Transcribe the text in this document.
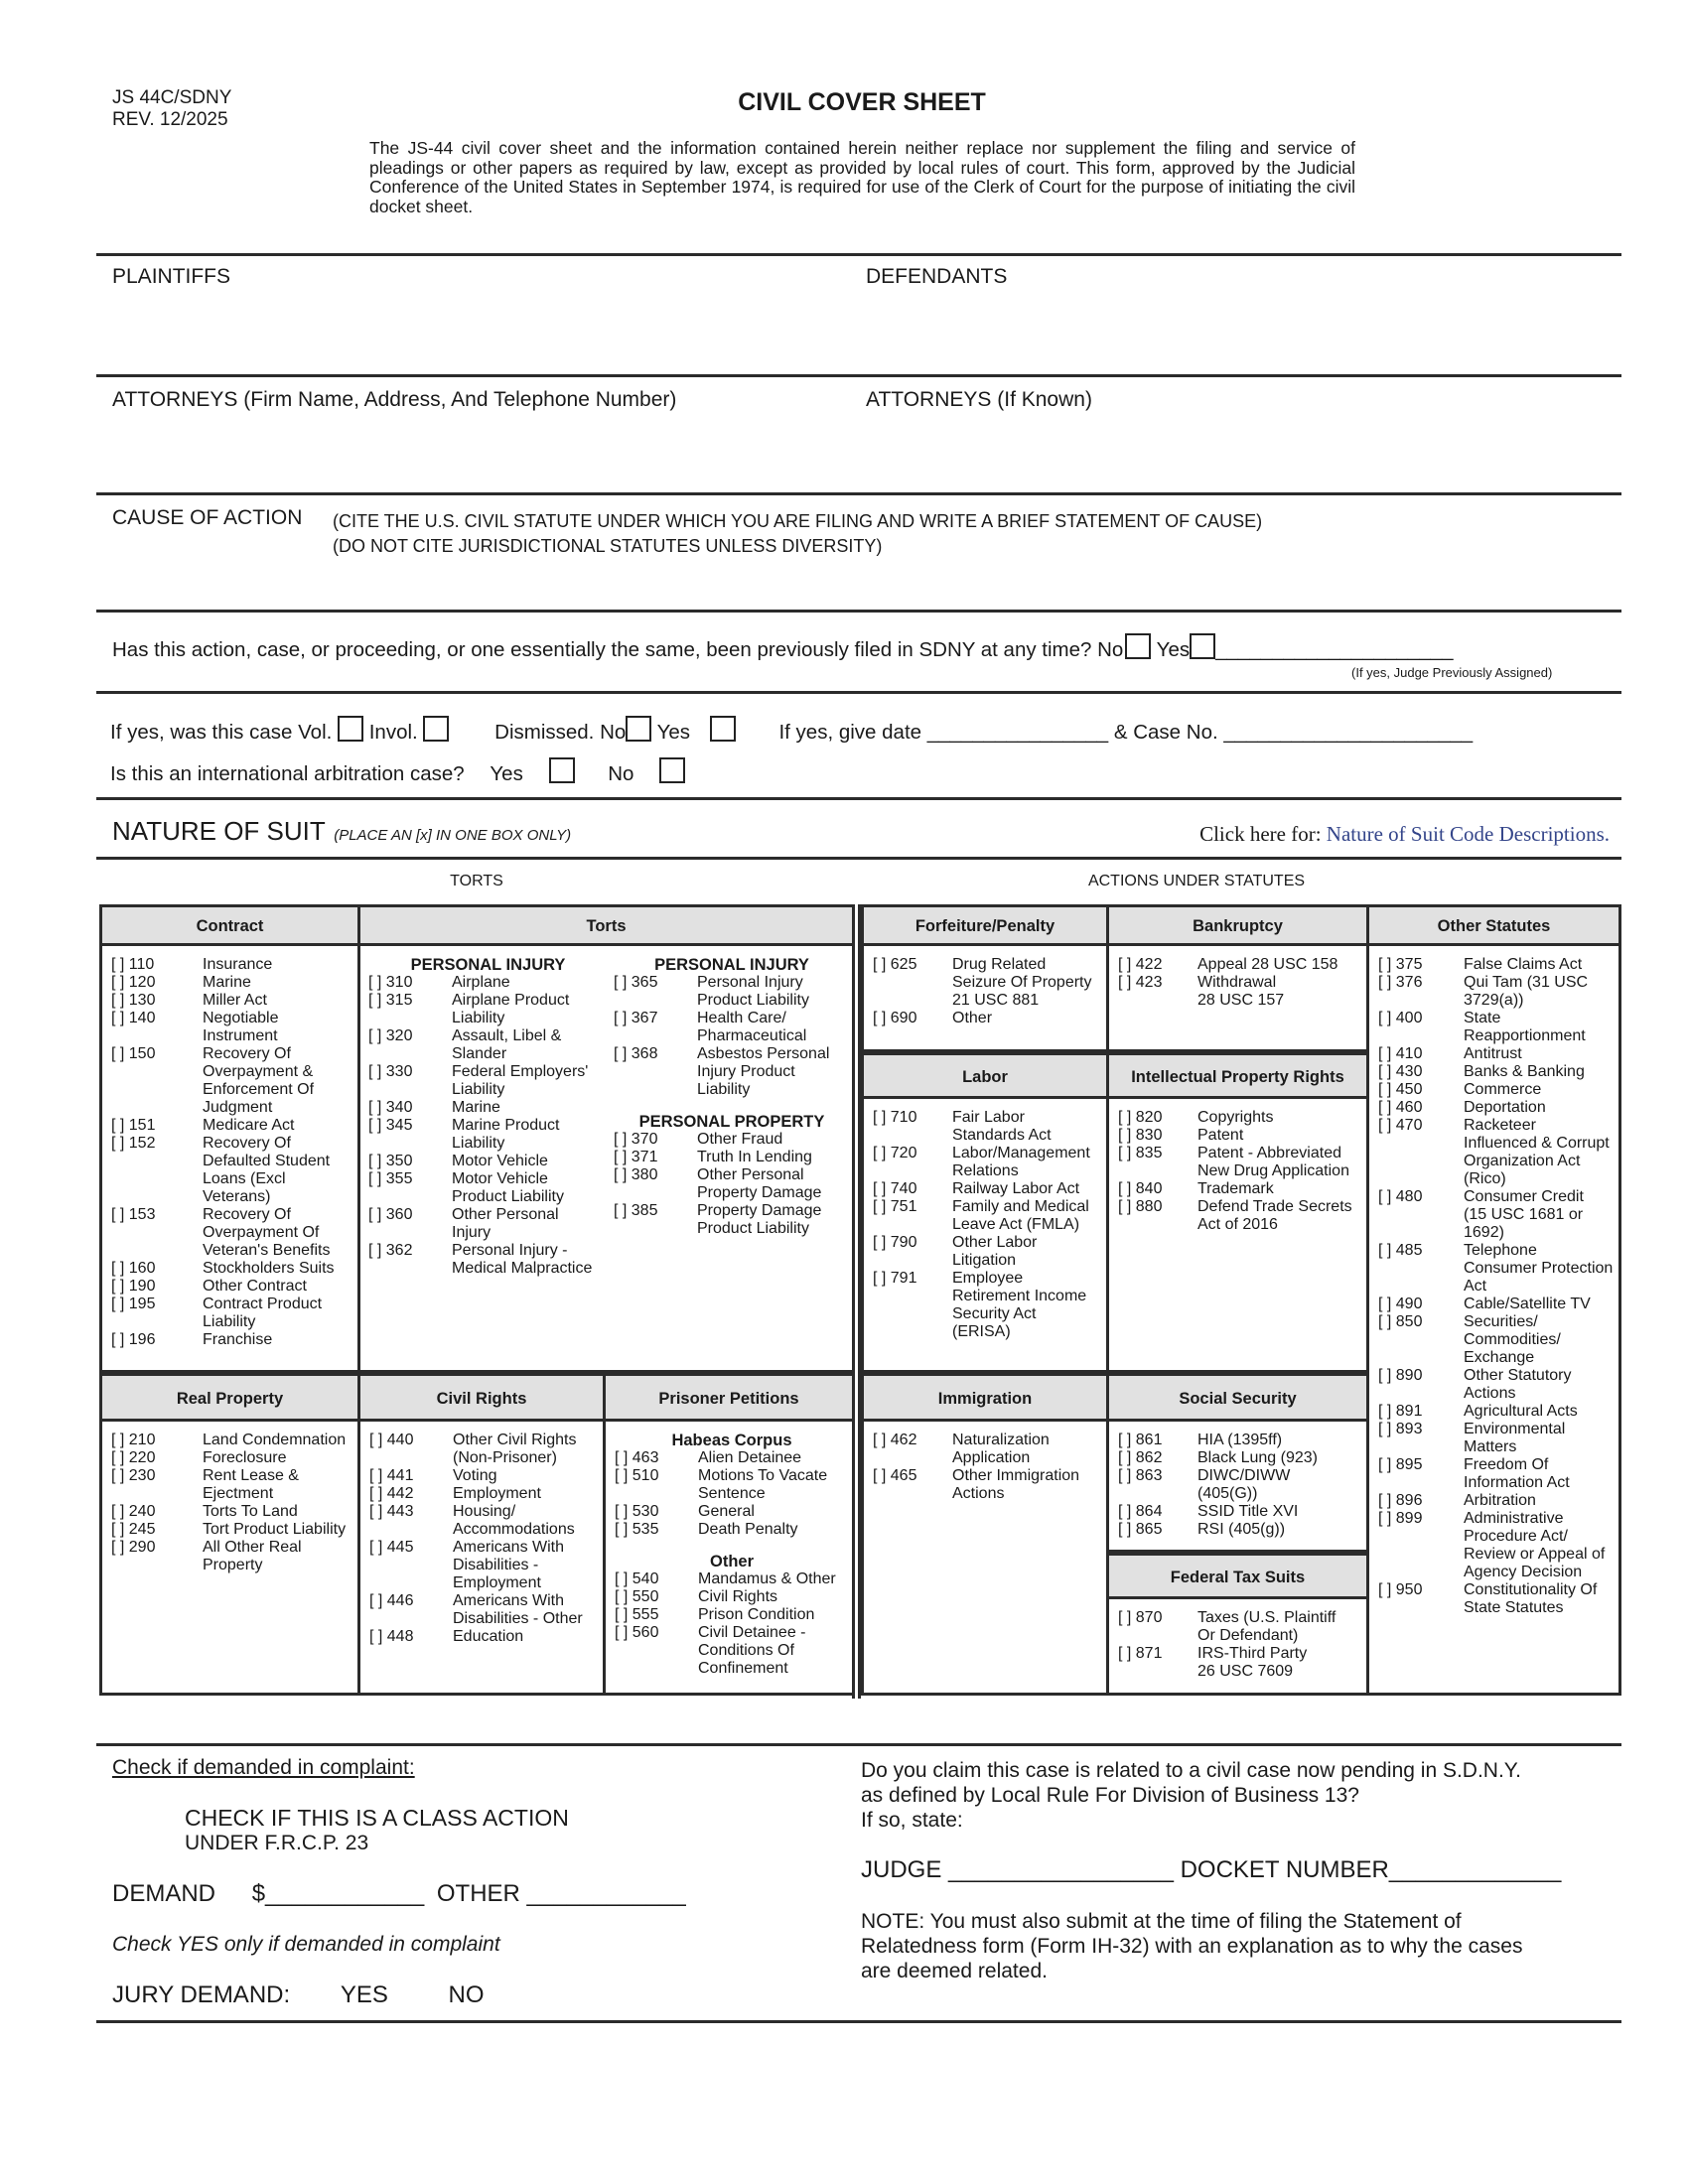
JS 44C/SDNY
REV. 12/2025
CIVIL COVER SHEET
The JS-44 civil cover sheet and the information contained herein neither replace nor supplement the filing and service of pleadings or other papers as required by law, except as provided by local rules of court. This form, approved by the Judicial Conference of the United States in September 1974, is required for use of the Clerk of Court for the purpose of initiating the civil docket sheet.
PLAINTIFFS	DEFENDANTS
ATTORNEYS (Firm Name, Address, And Telephone Number)	ATTORNEYS (If Known)
CAUSE OF ACTION (CITE THE U.S. CIVIL STATUTE UNDER WHICH YOU ARE FILING AND WRITE A BRIEF STATEMENT OF CAUSE)
(DO NOT CITE JURISDICTIONAL STATUTES UNLESS DIVERSITY)
Has this action, case, or proceeding, or one essentially the same, been previously filed in SDNY at any time? No Yes _____________________
(If yes, Judge Previously Assigned)
If yes, was this case Vol. Invol.	Dismissed. No Yes	If yes, give date ________________ & Case No. ______________________
Is this an international arbitration case? Yes	No
NATURE OF SUIT (PLACE AN [x] IN ONE BOX ONLY)	Click here for: Nature of Suit Code Descriptions.
TORTS	ACTIONS UNDER STATUTES
Contract
[ ] 110	Insurance
[ ] 120	Marine
[ ] 130	Miller Act
[ ] 140	Negotiable
Instrument
[ ] 150	Recovery Of
Overpayment &
Enforcement Of
Judgment
[ ] 151	Medicare Act
[ ] 152	Recovery Of
Defaulted Student
Loans (Excl
Veterans)
[ ] 153	Recovery Of
Overpayment Of
Veteran's Benefits
[ ] 160	Stockholders Suits
[ ] 190	Other Contract
[ ] 195	Contract Product
Liability
[ ] 196	Franchise
Torts
PERSONAL INJURY
[ ] 310 Airplane
[ ] 315 Airplane Product
Liability
[ ] 320 Assault, Libel &
Slander
[ ] 330 Federal Employers'
Liability
[ ] 340 Marine
[ ] 345 Marine Product
Liability
[ ] 350 Motor Vehicle
[ ] 355 Motor Vehicle
Product Liability
[ ] 360 Other Personal
Injury
[ ] 362 Personal Injury -
Medical Malpractice
PERSONAL INJURY
[ ] 365 Personal Injury
Product Liability
[ ] 367 Health Care/
Pharmaceutical
[ ] 368 Asbestos Personal
Injury Product
Liability
PERSONAL PROPERTY
[ ] 370 Other Fraud
[ ] 371 Truth In Lending
[ ] 380 Other Personal
Property Damage
[ ] 385 Property Damage
Product Liability
Forfeiture/Penalty
[ ] 625 Drug Related
Seizure Of Property
21 USC 881
[ ] 690 Other
Bankruptcy
[ ] 422 Appeal 28 USC 158
[ ] 423 Withdrawal
28 USC 157
Labor
[ ] 710 Fair Labor
Standards Act
[ ] 720 Labor/Management
Relations
[ ] 740 Railway Labor Act
[ ] 751 Family and Medical
Leave Act (FMLA)
[ ] 790 Other Labor
Litigation
[ ] 791 Employee
Retirement Income
Security Act
(ERISA)
Intellectual Property Rights
[ ] 820 Copyrights
[ ] 830 Patent
[ ] 835 Patent - Abbreviated
New Drug Application
[ ] 840 Trademark
[ ] 880 Defend Trade Secrets
Act of 2016
Other Statutes
[ ] 375	False Claims Act
[ ] 376	Qui Tam (31 USC
3729(a))
[ ] 400	State
Reapportionment
[ ] 410	Antitrust
[ ] 430	Banks & Banking
[ ] 450	Commerce
[ ] 460	Deportation
[ ] 470	Racketeer
Influenced & Corrupt
Organization Act
(Rico)
[ ] 480	Consumer Credit
(15 USC 1681 or
1692)
[ ] 485	Telephone
Consumer Protection
Act
[ ] 490	Cable/Satellite TV
[ ] 850	Securities/
Commodities/
Exchange
[ ] 890	Other Statutory
Actions
[ ] 891	Agricultural Acts
[ ] 893	Environmental
Matters
[ ] 895	Freedom Of
Information Act
[ ] 896	Arbitration
[ ] 899	Administrative
Procedure Act/
Review or Appeal of
Agency Decision
[ ] 950	Constitutionality Of
State Statutes
Real Property
[ ] 210	Land Condemnation
[ ] 220	Foreclosure
[ ] 230	Rent Lease &
Ejectment
[ ] 240	Torts To Land
[ ] 245	Tort Product Liability
[ ] 290	All Other Real
Property
Civil Rights
[ ] 440 Other Civil Rights
(Non-Prisoner)
[ ] 441 Voting
[ ] 442 Employment
[ ] 443 Housing/
Accommodations
[ ] 445 Americans With
Disabilities -
Employment
[ ] 446 Americans With
Disabilities - Other
[ ] 448 Education
Prisoner Petitions
Habeas Corpus
[ ] 463 Alien Detainee
[ ] 510 Motions To Vacate
Sentence
[ ] 530 General
[ ] 535 Death Penalty
Other
[ ] 540 Mandamus & Other
[ ] 550 Civil Rights
[ ] 555 Prison Condition
[ ] 560 Civil Detainee -
Conditions Of
Confinement
Immigration
[ ] 462 Naturalization
Application
[ ] 465 Other Immigration
Actions
Social Security
[ ] 861 HIA (1395ff)
[ ] 862 Black Lung (923)
[ ] 863 DIWC/DIWW
(405(G))
[ ] 864 SSID Title XVI
[ ] 865 RSI (405(g))
Federal Tax Suits
[ ] 870 Taxes (U.S. Plaintiff
Or Defendant)
[ ] 871 IRS-Third Party
26 USC 7609
Check if demanded in complaint:
CHECK IF THIS IS A CLASS ACTION
UNDER F.R.C.P. 23
DEMAND $____________ OTHER ____________
Check YES only if demanded in complaint
JURY DEMAND: YES	NO
Do you claim this case is related to a civil case now pending in S.D.N.Y.
as defined by Local Rule For Division of Business 13?
If so, state:
JUDGE _________________ DOCKET NUMBER_____________
NOTE: You must also submit at the time of filing the Statement of
Relatedness form (Form IH-32) with an explanation as to why the cases
are deemed related.
